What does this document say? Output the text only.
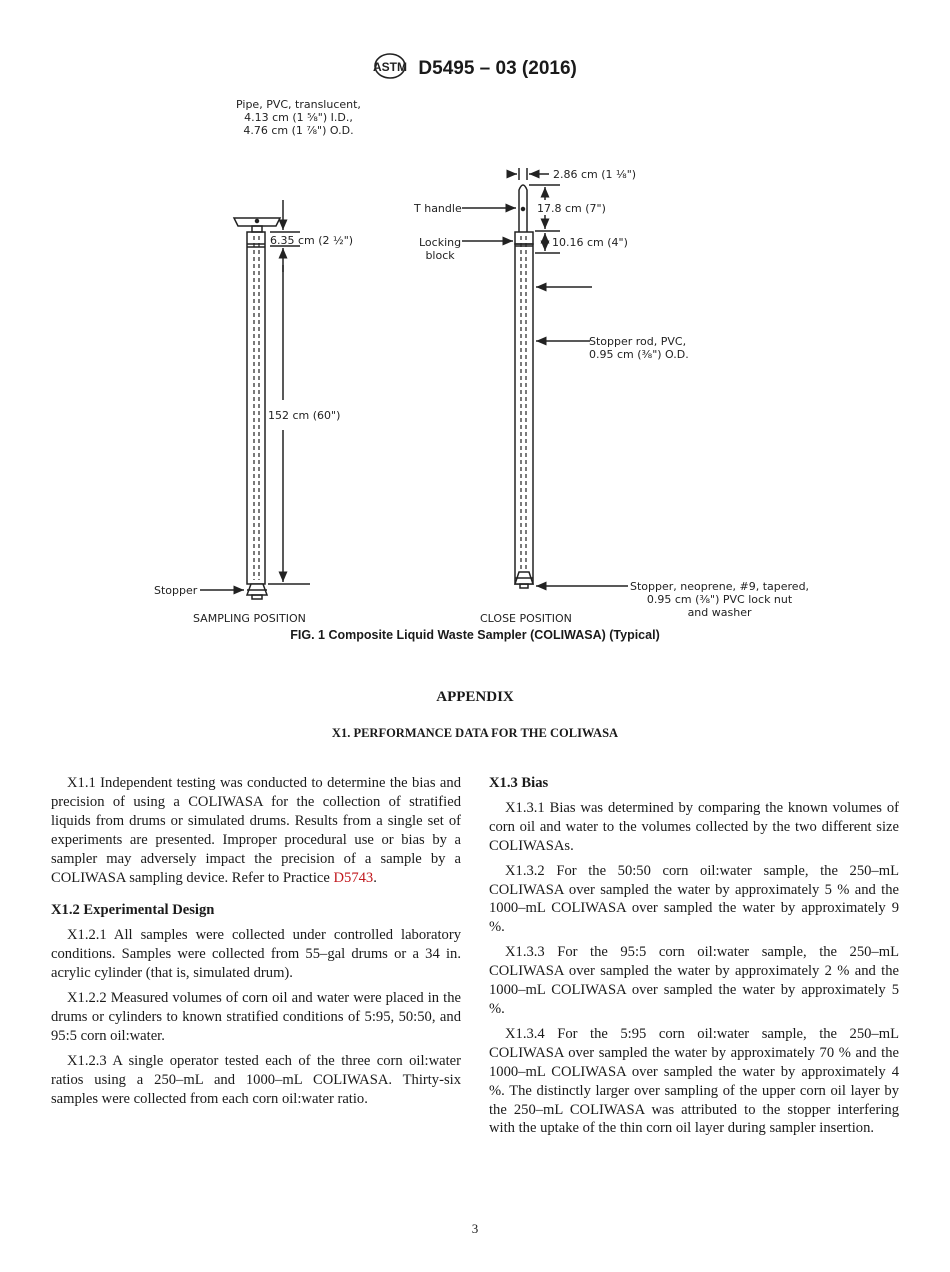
ASTM D5495 – 03 (2016)
Pipe, PVC, translucent,
4.13 cm (1 ⅝") I.D.,
4.76 cm (1 ⅞") O.D.
6.35 cm (2 ½")
152 cm (60")
Stopper
SAMPLING POSITION
2.86 cm (1 ⅛")
T handle	17.8 cm (7")
Locking
block
10.16 cm (4")
Stopper rod, PVC,
0.95 cm (⅜") O.D.
Stopper, neoprene, #9, tapered,
0.95 cm (⅜") PVC lock nut
and washer
CLOSE POSITION
FIG. 1 Composite Liquid Waste Sampler (COLIWASA) (Typical)
APPENDIX
X1. PERFORMANCE DATA FOR THE COLIWASA

X1.1 Independent testing was conducted to determine the bias and precision of using a COLIWASA for the collection of stratified liquids from drums or simulated drums. Results from a single set of experiments are presented. Improper procedural use or bias by a sampler may adversely impact the precision of a sample by a COLIWASA sampling device. Refer to Practice D5743.

X1.2 Experimental Design

X1.2.1 All samples were collected under controlled laboratory conditions. Samples were collected from 55–gal drums or a 34 in. acrylic cylinder (that is, simulated drum).

X1.2.2 Measured volumes of corn oil and water were placed in the drums or cylinders to known stratified conditions of 5:95, 50:50, and 95:5 corn oil:water.

X1.2.3 A single operator tested each of the three corn oil:water ratios using a 250–mL and 1000–mL COLIWASA. Thirty-six samples were collected from each corn oil:water ratio.

X1.3 Bias

X1.3.1 Bias was determined by comparing the known volumes of corn oil and water to the volumes collected by the two different size COLIWASAs.

X1.3.2 For the 50:50 corn oil:water sample, the 250–mL COLIWASA over sampled the water by approximately 5 % and the 1000–mL COLIWASA over sampled the water by approximately 9 %.

X1.3.3 For the 95:5 corn oil:water sample, the 250–mL COLIWASA over sampled the water by approximately 2 % and the 1000–mL COLIWASA over sampled the water by approximately 5 %.

X1.3.4 For the 5:95 corn oil:water sample, the 250–mL COLIWASA over sampled the water by approximately 70 % and the 1000–mL COLIWASA over sampled the water by approximately 4 %. The distinctly larger over sampling of the upper corn oil layer by the 250–mL COLIWASA was attributed to the stopper interfering with the uptake of the thin corn oil layer during sampler insertion.

3
